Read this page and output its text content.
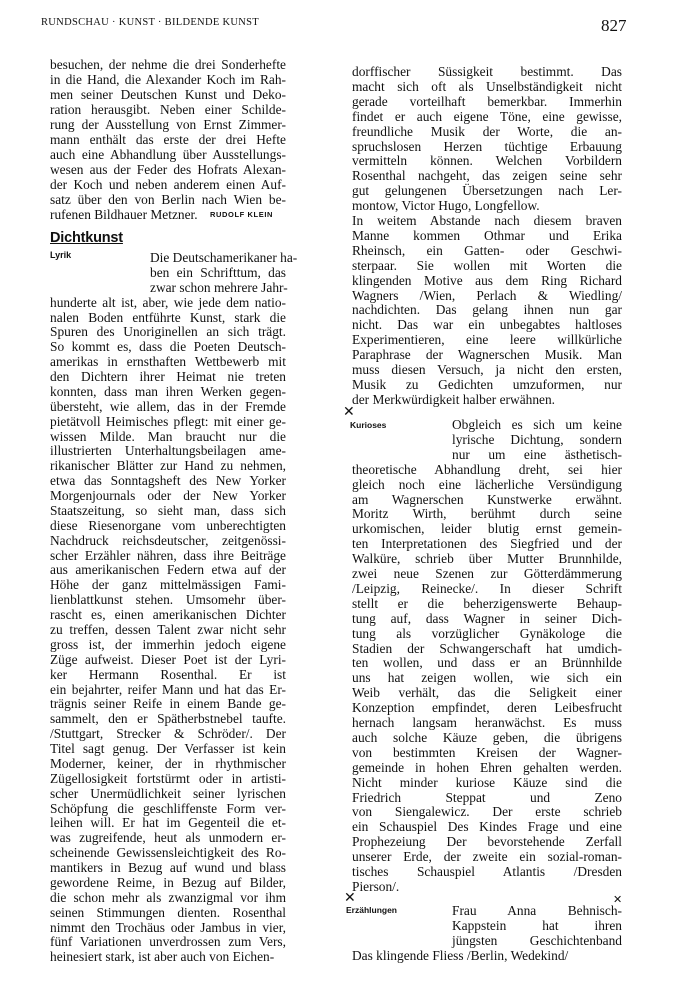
RUNDSCHAU · KUNST · BILDENDE KUNST	827
besuchen, der nehme die drei Sonderhefte
in die Hand, die Alexander Koch im Rah-
men seiner Deutschen Kunst und Deko-
ration herausgibt. Neben einer Schilde-
rung der Ausstellung von Ernst Zimmer-
mann enthält das erste der drei Hefte
auch eine Abhandlung über Ausstellungs-
wesen aus der Feder des Hofrats Alexan-
der Koch und neben anderem einen Auf-
satz über den von Berlin nach Wien be-
rufenen Bildhauer Metzner.	RUDOLF KLEIN
Die Deutschamerikaner ha-
ben ein Schrifttum, das
zwar schon mehrere Jahr-
hunderte alt ist, aber, wie jede dem natio-
nalen Boden entführte Kunst, stark die
Spuren des Unoriginellen an sich trägt.
So kommt es, dass die Poeten Deutsch-
amerikas in ernsthaften Wettbewerb mit
den Dichtern ihrer Heimat nie treten
konnten, dass man ihren Werken gegen-
übersteht, wie allem, das in der Fremde
pietätvoll Heimisches pflegt: mit einer ge-
wissen Milde. Man braucht nur die
illustrierten Unterhaltungsbeilagen ame-
rikanischer Blätter zur Hand zu nehmen,
etwa das Sonntagsheft des New Yorker
Morgenjournals oder der New Yorker
Staatszeitung, so sieht man, dass sich
diese Riesenorgane vom unberechtigten
Nachdruck reichsdeutscher, zeitgenössi-
scher Erzähler nähren, dass ihre Beiträge
aus amerikanischen Federn etwa auf der
Höhe der ganz mittelmässigen Fami-
lienblattkunst stehen. Umsomehr über-
rascht es, einen amerikanischen Dichter
zu treffen, dessen Talent zwar nicht sehr
gross ist, der immerhin jedoch eigene
Züge aufweist. Dieser Poet ist der Lyri-
ker Hermann Rosenthal. Er ist
ein bejahrter, reifer Mann und hat das Er-
trägnis seiner Reife in einem Bande ge-
sammelt, den er Spätherbstnebel taufte.
/Stuttgart, Strecker & Schröder/. Der
Titel sagt genug. Der Verfasser ist kein
Moderner, keiner, der in rhythmischer
Zügellosigkeit fortstürmt oder in artisti-
scher Unermüdlichkeit seiner lyrischen
Schöpfung die geschliffenste Form ver-
leihen will. Er hat im Gegenteil die et-
was zugreifende, heut als unmodern er-
scheinende Gewissensleichtigkeit des Ro-
mantikers in Bezug auf wund und blass
gewordene Reime, in Bezug auf Bilder,
die schon mehr als zwanzigmal vor ihm
seinen Stimmungen dienten. Rosenthal
nimmt den Trochäus oder Jambus in vier,
fünf Variationen unverdrossen zum Vers,
heinesiert stark, ist aber auch von Eichen-
Dichtkunst
Lyrik
dorffischer Süssigkeit bestimmt. Das
macht sich oft als Unselbständigkeit nicht
gerade vorteilhaft bemerkbar. Immerhin
findet er auch eigene Töne, eine gewisse,
freundliche Musik der Worte, die an-
spruchslosen Herzen tüchtige Erbauung
vermitteln können. Welchen Vorbildern
Rosenthal nachgeht, das zeigen seine sehr
gut gelungenen Übersetzungen nach Ler-
montow, Victor Hugo, Longfellow.
In weitem Abstande nach diesem braven
Manne kommen Othmar und Erika
Rheinsch, ein Gatten- oder Geschwi-
sterpaar. Sie wollen mit Worten die
klingenden Motive aus dem Ring Richard
Wagners /Wien, Perlach & Wiedling/
nachdichten. Das gelang ihnen nun gar
nicht. Das war ein unbegabtes haltloses
Experimentieren, eine leere willkürliche
Paraphrase der Wagnerschen Musik. Man
muss diesen Versuch, ja nicht den ersten,
Musik zu Gedichten umzuformen, nur
der Merkwürdigkeit halber erwähnen.
Obgleich es sich um keine
lyrische Dichtung, sondern
nur um eine ästhetisch-
theoretische Abhandlung dreht, sei hier
gleich noch eine lächerliche Versündigung
am Wagnerschen Kunstwerke erwähnt.
Moritz Wirth, berühmt durch seine
urkomischen, leider blutig ernst gemein-
ten Interpretationen des Siegfried und der
Walküre, schrieb über Mutter Brunnhilde,
zwei neue Szenen zur Götterdämmerung
/Leipzig, Reinecke/. In dieser Schrift
stellt er die beherzigenswerte Behaup-
tung auf, dass Wagner in seiner Dich-
tung als vorzüglicher Gynäkologe die
Stadien der Schwangerschaft hat umdich-
ten wollen, und dass er an Brünnhilde
uns hat zeigen wollen, wie sich ein
Weib verhält, das die Seligkeit einer
Konzeption empfindet, deren Leibesfrucht
hernach langsam heranwächst. Es muss
auch solche Käuze geben, die übrigens
von bestimmten Kreisen der Wagner-
gemeinde in hohen Ehren gehalten werden.
Nicht minder kuriose Käuze sind die
Friedrich Steppat und Zeno
von Siengalewicz. Der erste schrieb
ein Schauspiel Des Kindes Frage und eine
Prophezeiung Der bevorstehende Zerfall
unserer Erde, der zweite ein sozial-roman-
tisches Schauspiel Atlantis /Dresden
Pierson/.
Frau Anna Behnisch-
Kappstein hat ihren
jüngsten Geschichtenband
Das klingende Fliess /Berlin, Wedekind/
✕
Kurioses
✕	✕
Erzählungen
